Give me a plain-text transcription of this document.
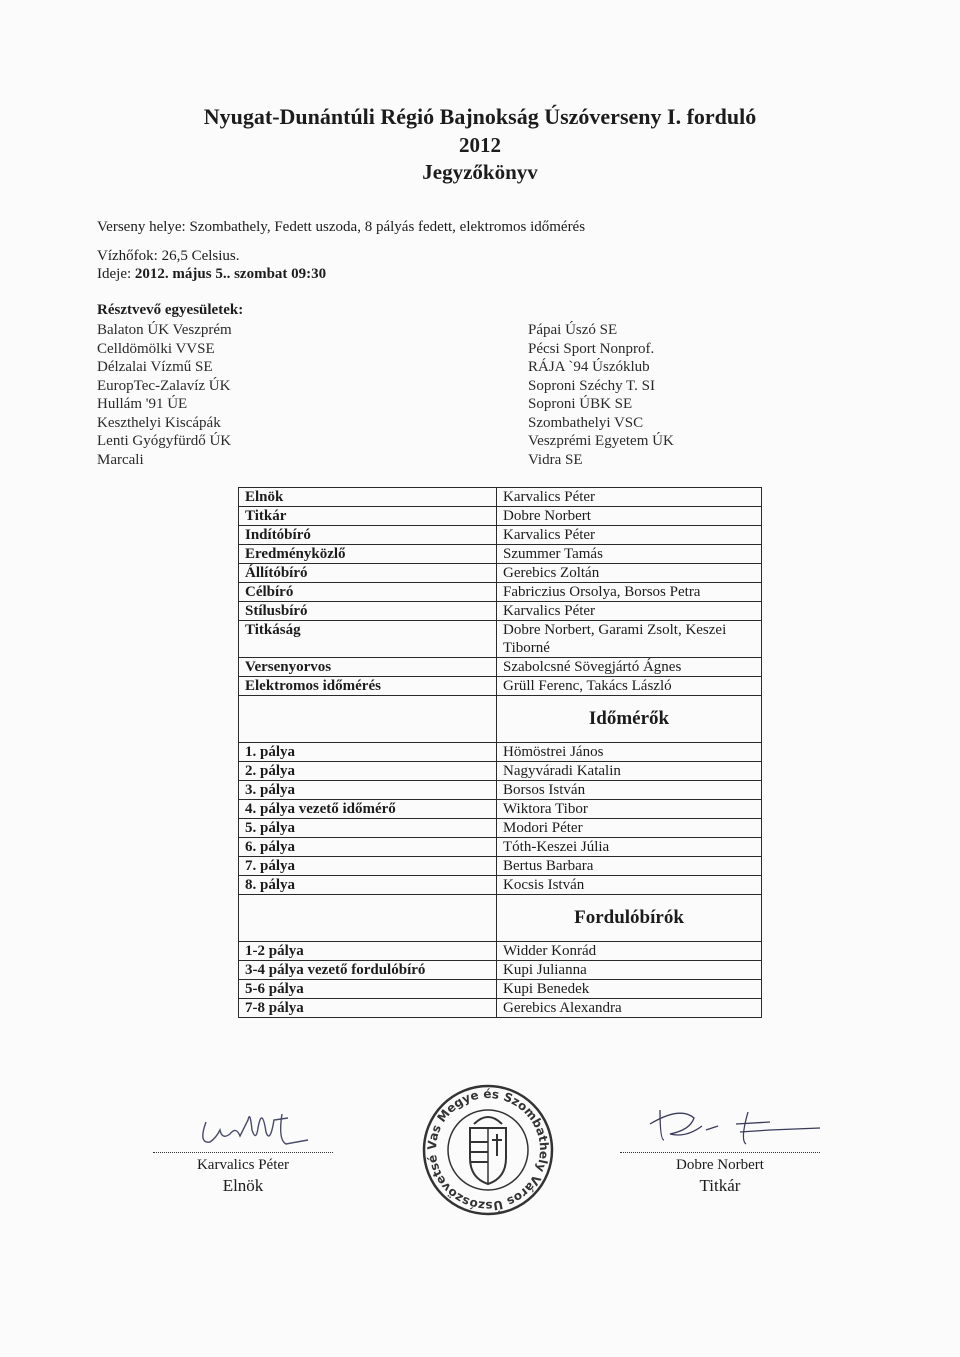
Nyugat-Dunántúli Régió Bajnokság Úszóverseny I. forduló
2012
Jegyzőkönyv
Verseny helye: Szombathely, Fedett uszoda, 8 pályás fedett, elektromos időmérés
Vízhőfok: 26,5 Celsius.
Ideje: 2012. május 5.. szombat 09:30
Résztvevő egyesületek:
Balaton ÚK Veszprém
Celldömölki VVSE
Délzalai Vízmű SE
EuropTec-Zalavíz ÚK
Hullám '91 ÚE
Keszthelyi Kiscápák
Lenti Gyógyfürdő ÚK
Marcali
Pápai Úszó SE
Pécsi Sport Nonprof.
RÁJA `94 Úszóklub
Soproni Széchy T. SI
Soproni ÚBK SE
Szombathelyi VSC
Veszprémi Egyetem ÚK
Vidra SE
Elnök	Karvalics Péter
Titkár	Dobre Norbert
Indítóbíró	Karvalics Péter
Eredményközlő	Szummer Tamás
Állítóbíró	Gerebics Zoltán
Célbíró	Fabriczius Orsolya, Borsos Petra
Stílusbíró	Karvalics Péter
Titkáság	Dobre Norbert, Garami Zsolt, Keszei Tiborné
Versenyorvos	Szabolcsné Sövegjártó Ágnes
Elektromos időmérés	Grüll Ferenc, Takács László
	Időmérők
1. pálya	Hömöstrei János
2. pálya	Nagyváradi Katalin
3. pálya	Borsos István
4. pálya vezető időmérő	Wiktora Tibor
5. pálya	Modori Péter
6. pálya	Tóth-Keszei Júlia
7. pálya	Bertus Barbara
8. pálya	Kocsis István
	Fordulóbírók
1-2 pálya	Widder Konrád
3-4 pálya vezető fordulóbíró	Kupi Julianna
5-6 pálya	Kupi Benedek
7-8 pálya	Gerebics Alexandra
Karvalics Péter
Elnök
Vas Megye és Szombathely Város Úszószövetsé	Dobre Norbert
Titkár
